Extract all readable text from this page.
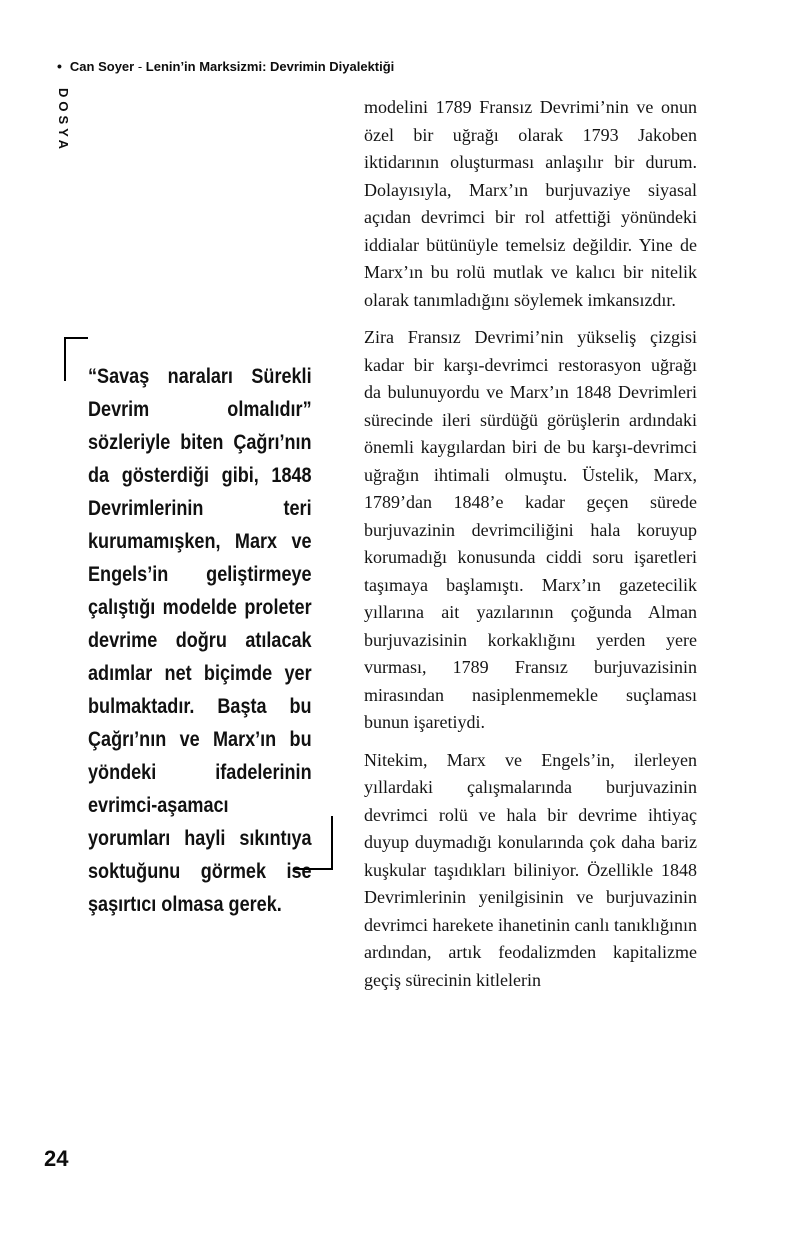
• Can Soyer - Lenin’in Marksizmi: Devrimin Diyalektiği
DOSYA
“Savaş naraları Sürekli Devrim olmalıdır” sözleriyle biten Çağrı’nın da gösterdiği gibi, 1848 Devrimlerinin teri kurumamışken, Marx ve Engels’in geliştirmeye çalıştığı modelde proleter devrime doğru atılacak adımlar net biçimde yer bulmaktadır. Başta bu Çağrı’nın ve Marx’ın bu yöndeki ifadelerinin evrimci-aşamacı yorumları hayli sıkıntıya soktuğunu görmek ise şaşırtıcı olmasa gerek.

modelini 1789 Fransız Devrimi’nin ve onun özel bir uğrağı olarak 1793 Jakoben iktidarının oluşturması anlaşılır bir durum. Dolayısıyla, Marx’ın burjuvaziye siyasal açıdan devrimci bir rol atfettiği yönündeki iddialar bütünüyle temelsiz değildir. Yine de Marx’ın bu rolü mutlak ve kalıcı bir nitelik olarak tanımladığını söylemek imkansızdır.

Zira Fransız Devrimi’nin yükseliş çizgisi kadar bir karşı-devrimci restorasyon uğrağı da bulunuyordu ve Marx’ın 1848 Devrimleri sürecinde ileri sürdüğü görüşlerin ardındaki önemli kaygılardan biri de bu karşı-devrimci uğrağın ihtimali olmuştu. Üstelik, Marx, 1789’dan 1848’e kadar geçen sürede burjuvazinin devrimciliğini hala koruyup korumadığı konusunda ciddi soru işaretleri taşımaya başlamıştı. Marx’ın gazetecilik yıllarına ait yazılarının çoğunda Alman burjuvazisinin korkaklığını yerden yere vurması, 1789 Fransız burjuvazisinin mirasından nasiplenmemekle suçlaması bunun işaretiydi.

Nitekim, Marx ve Engels’in, ilerleyen yıllardaki çalışmalarında burjuvazinin devrimci rolü ve hala bir devrime ihtiyaç duyup duymadığı konularında çok daha bariz kuşkular taşıdıkları biliniyor. Özellikle 1848 Devrimlerinin yenilgisinin ve burjuvazinin devrimci harekete ihanetinin canlı tanıklığının ardından, artık feodalizmden kapitalizme geçiş sürecinin kitlelerin

24
